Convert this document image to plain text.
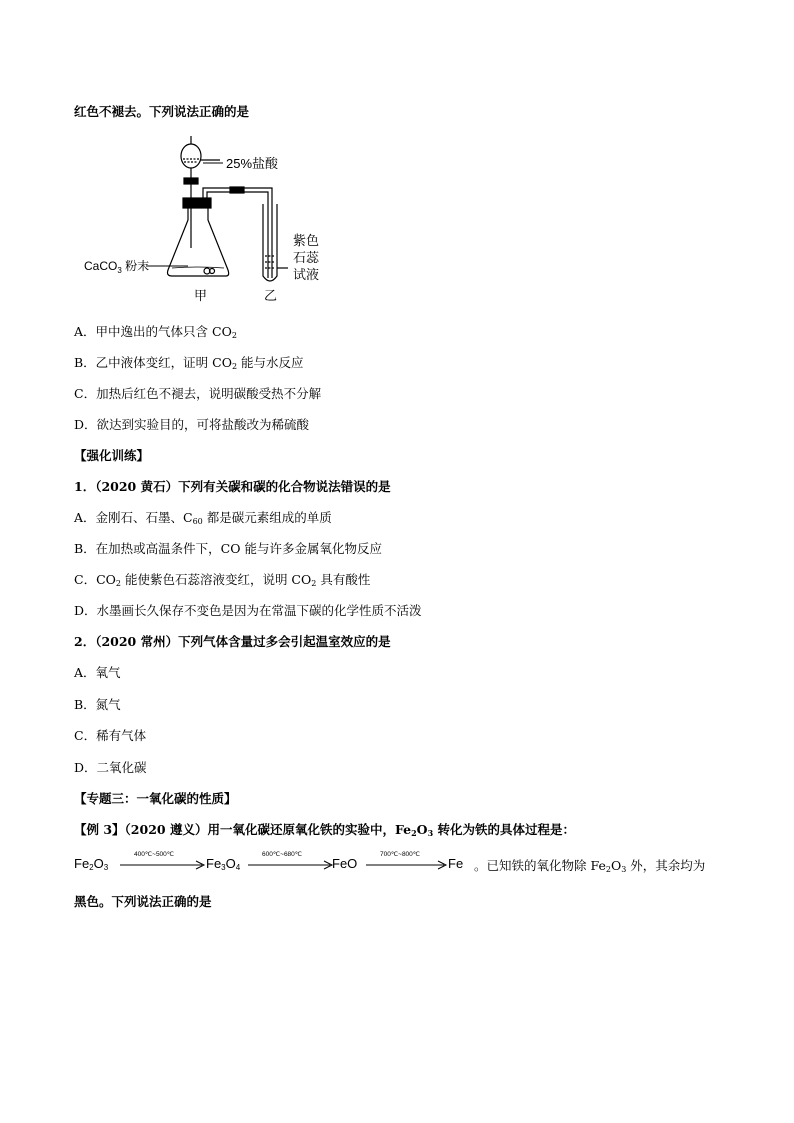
红色不褪去。下列说法正确的是
25%盐酸
CaCO$_3$ 粉末
紫色
石蕊
试液
甲	乙
A．甲中逸出的气体只含 $CO_2$
B．乙中液体变红，证明 $CO_2$ 能与水反应
C．加热后红色不褪去，说明碳酸受热不分解
D．欲达到实验目的，可将盐酸改为稀硫酸
【强化训练】
1．（2020 黄石）下列有关碳和碳的化合物说法错误的是
A．金刚石、石墨、$C_{60}$ 都是碳元素组成的单质
B．在加热或高温条件下，CO 能与许多金属氧化物反应
C．$CO_2$ 能使紫色石蕊溶液变红，说明 $CO_2$ 具有酸性
D．水墨画长久保存不变色是因为在常温下碳的化学性质不活泼
2．（2020 常州）下列气体含量过多会引起温室效应的是
A．氧气
B．氮气
C．稀有气体
D．二氧化碳
【专题三：一氧化碳的性质】
【例 3】（2020 遵义）用一氧化碳还原氧化铁的实验中，$Fe_2O_3$ 转化为铁的具体过程是：
$Fe_2O_3$
400℃~500℃
$Fe_3O_4$
600℃~680℃
FeO
700℃~800℃
Fe 。已知铁的氧化物除 $Fe_2O_3$ 外，其余均为
黑色。下列说法正确的是
